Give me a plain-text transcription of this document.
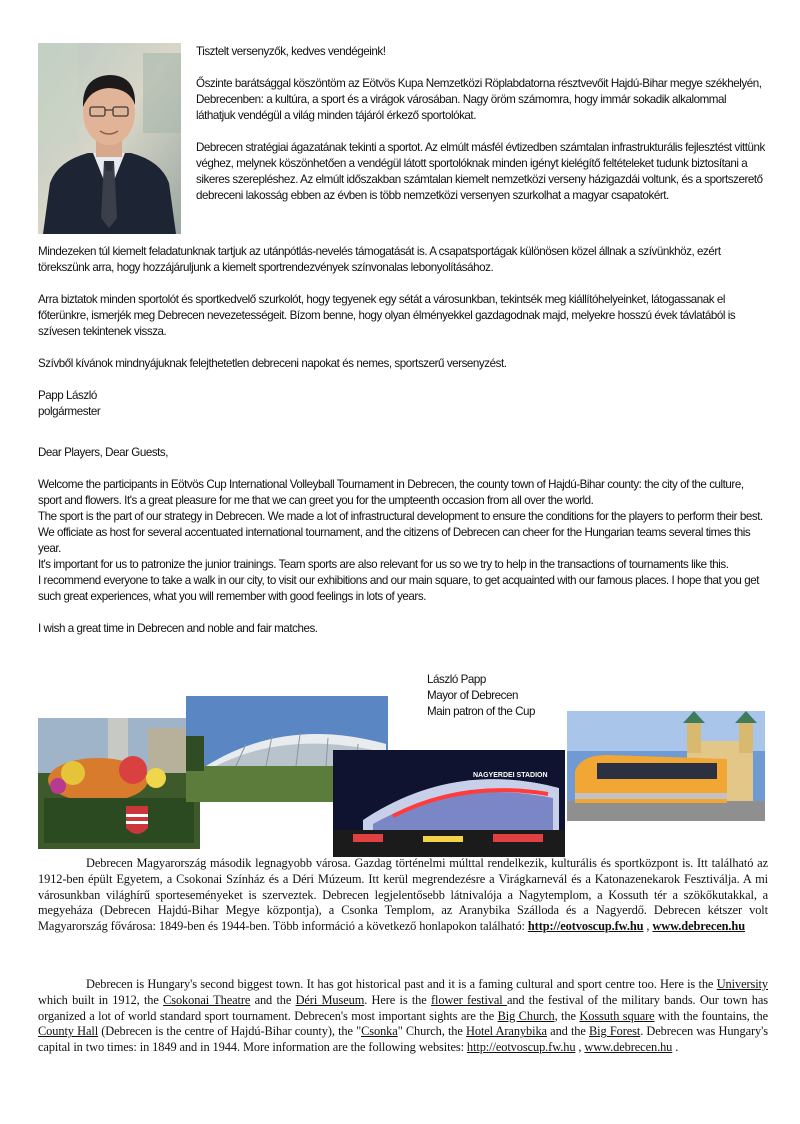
Tisztelt versenyzők, kedves vendégeink!

Őszinte barátsággal köszöntöm az Eötvös Kupa Nemzetközi Röplabdatorna résztvevőit Hajdú-Bihar megye székhelyén, Debrecenben: a kultúra, a sport és a virágok városában. Nagy öröm számomra, hogy immár sokadik alkalommal láthatjuk vendégül a világ minden tájáról érkező sportolókat.

Debrecen stratégiai ágazatának tekinti a sportot. Az elmúlt másfél évtizedben számtalan infrastrukturális fejlesztést vittünk véghez, melynek köszönhetően a vendégül látott sportolóknak minden igényt kielégítő feltételeket tudunk biztosítani a sikeres szerepléshez. Az elmúlt időszakban számtalan kiemelt nemzetközi verseny házigazdái voltunk, és a sportszerető debreceni lakosság ebben az évben is több nemzetközi versenyen szurkolhat a magyar csapatokért.

Mindezeken túl kiemelt feladatunknak tartjuk az utánpótlás-nevelés támogatását is. A csapatsportágak különösen közel állnak a szívünkhöz, ezért törekszünk arra, hogy hozzájáruljunk a kiemelt sportrendezvények színvonalas lebonyolításához.

Arra biztatok minden sportolót és sportkedvelő szurkolót, hogy tegyenek egy sétát a városunkban, tekintsék meg kiállítóhelyeinket, látogassanak el főterünkre, ismerjék meg Debrecen nevezetességeit. Bízom benne, hogy olyan élményekkel gazdagodnak majd, melyekre hosszú évek távlatából is szívesen tekintenek vissza.

Szívből kívánok mindnyájuknak felejthetetlen debreceni napokat és nemes, sportszerű versenyzést.

Papp László

polgármester

Dear Players, Dear Guests,

Welcome the participants in Eötvös Cup International Volleyball Tournament in Debrecen, the county town of Hajdú-Bihar county: the city of the culture, sport and flowers. It's a great pleasure for me that we can greet you for the umpteenth occasion from all over the world.

The sport is the part of our strategy in Debrecen. We made a lot of infrastructural development to ensure the conditions for the players to perform their best.

We officiate as host for several accentuated international tournament, and the citizens of Debrecen can cheer for the Hungarian teams several times this year.

It's important for us to patronize the junior trainings. Team sports are also relevant for us so we try to help in the transactions of tournaments like this.

I recommend everyone to take a walk in our city, to visit our exhibitions and our main square, to get acquainted with our famous places. I hope that you get such great experiences, what you will remember with good feelings in lots of years.

I wish a great time in Debrecen and noble and fair matches.

László Papp

Mayor of Debrecen

Main patron of the Cup

NAGYERDEI STADION

Debrecen Magyarország második legnagyobb városa. Gazdag történelmi múlttal rendelkezik, kulturális és sportközpont is. Itt található az 1912-ben épült Egyetem, a Csokonai Színház és a Déri Múzeum. Itt kerül megrendezésre a Virágkarnevál és a Katonazenekarok Fesztiválja. A mi városunkban világhírű sporteseményeket is szerveztek. Debrecen legjelentősebb látnivalója a Nagytemplom, a Kossuth tér a szökőkutakkal, a megyeháza (Debrecen Hajdú-Bihar Megye központja), a Csonka Templom, az Aranybika Szálloda és a Nagyerdő. Debrecen kétszer volt Magyarország fővárosa: 1849-ben és 1944-ben. Több információ a következő honlapokon található: http://eotvoscup.fw.hu , www.debrecen.hu

Debrecen is Hungary's second biggest town. It has got historical past and it is a faming cultural and sport centre too. Here is the University which built in 1912, the Csokonai Theatre and the Déri Museum. Here is the flower festival and the festival of the military bands. Our town has organized a lot of world standard sport tournament. Debrecen's most important sights are the Big Church, the Kossuth square with the fountains, the County Hall (Debrecen is the centre of Hajdú-Bihar county), the "Csonka" Church, the Hotel Aranybika and the Big Forest. Debrecen was Hungary's capital in two times: in 1849 and in 1944. More information are the following websites: http://eotvoscup.fw.hu , www.debrecen.hu .
